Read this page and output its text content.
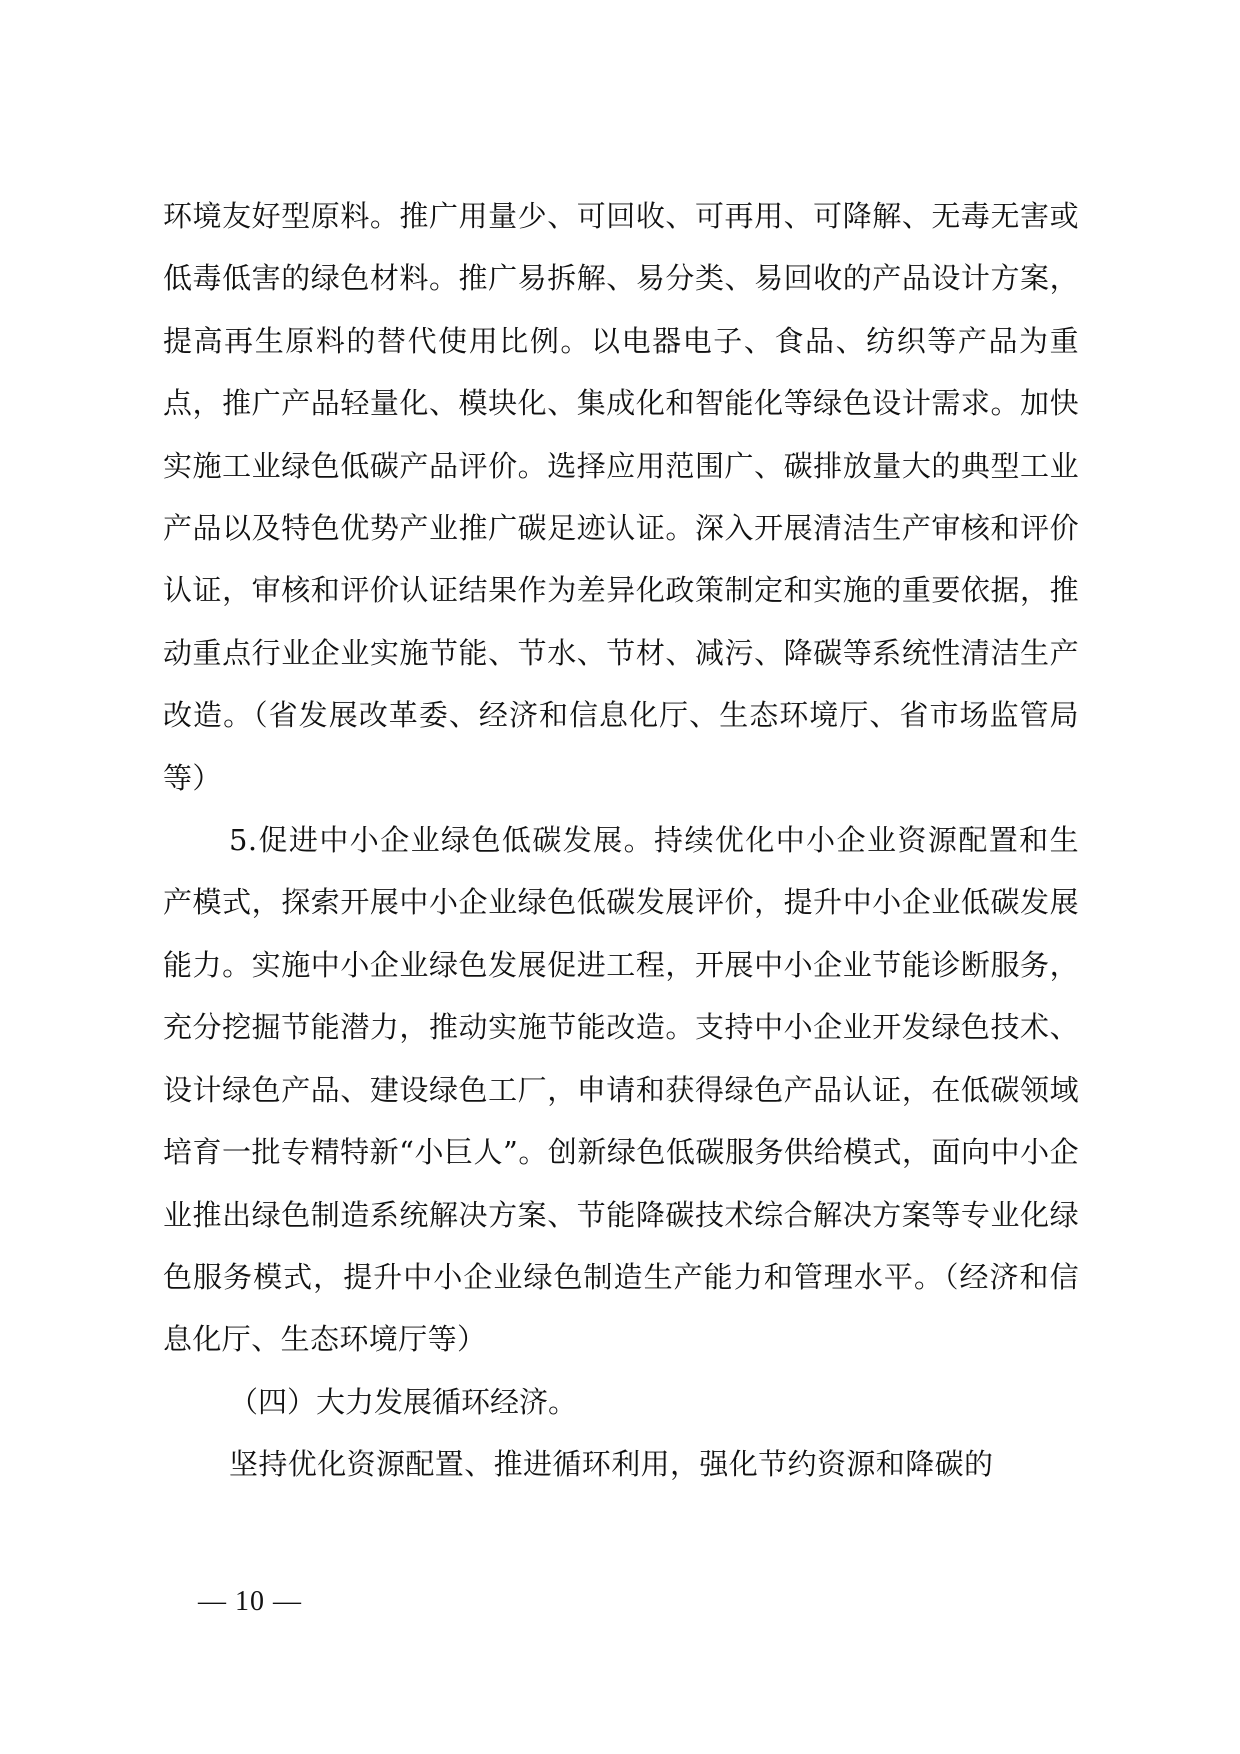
环境友好型原料。推广用量少、可回收、可再用、可降解、无毒无害或低毒低害的绿色材料。推广易拆解、易分类、易回收的产品设计方案，提高再生原料的替代使用比例。以电器电子、食品、纺织等产品为重点，推广产品轻量化、模块化、集成化和智能化等绿色设计需求。加快实施工业绿色低碳产品评价。选择应用范围广、碳排放量大的典型工业产品以及特色优势产业推广碳足迹认证。深入开展清洁生产审核和评价认证，审核和评价认证结果作为差异化政策制定和实施的重要依据，推动重点行业企业实施节能、节水、节材、减污、降碳等系统性清洁生产改造。（省发展改革委、经济和信息化厅、生态环境厅、省市场监管局等）

5.促进中小企业绿色低碳发展。持续优化中小企业资源配置和生产模式，探索开展中小企业绿色低碳发展评价，提升中小企业低碳发展能力。实施中小企业绿色发展促进工程，开展中小企业节能诊断服务，充分挖掘节能潜力，推动实施节能改造。支持中小企业开发绿色技术、设计绿色产品、建设绿色工厂，申请和获得绿色产品认证，在低碳领域培育一批专精特新“小巨人”。创新绿色低碳服务供给模式，面向中小企业推出绿色制造系统解决方案、节能降碳技术综合解决方案等专业化绿色服务模式，提升中小企业绿色制造生产能力和管理水平。（经济和信息化厅、生态环境厅等）

（四）大力发展循环经济。

坚持优化资源配置、推进循环利用，强化节约资源和降碳的

— 10 —
